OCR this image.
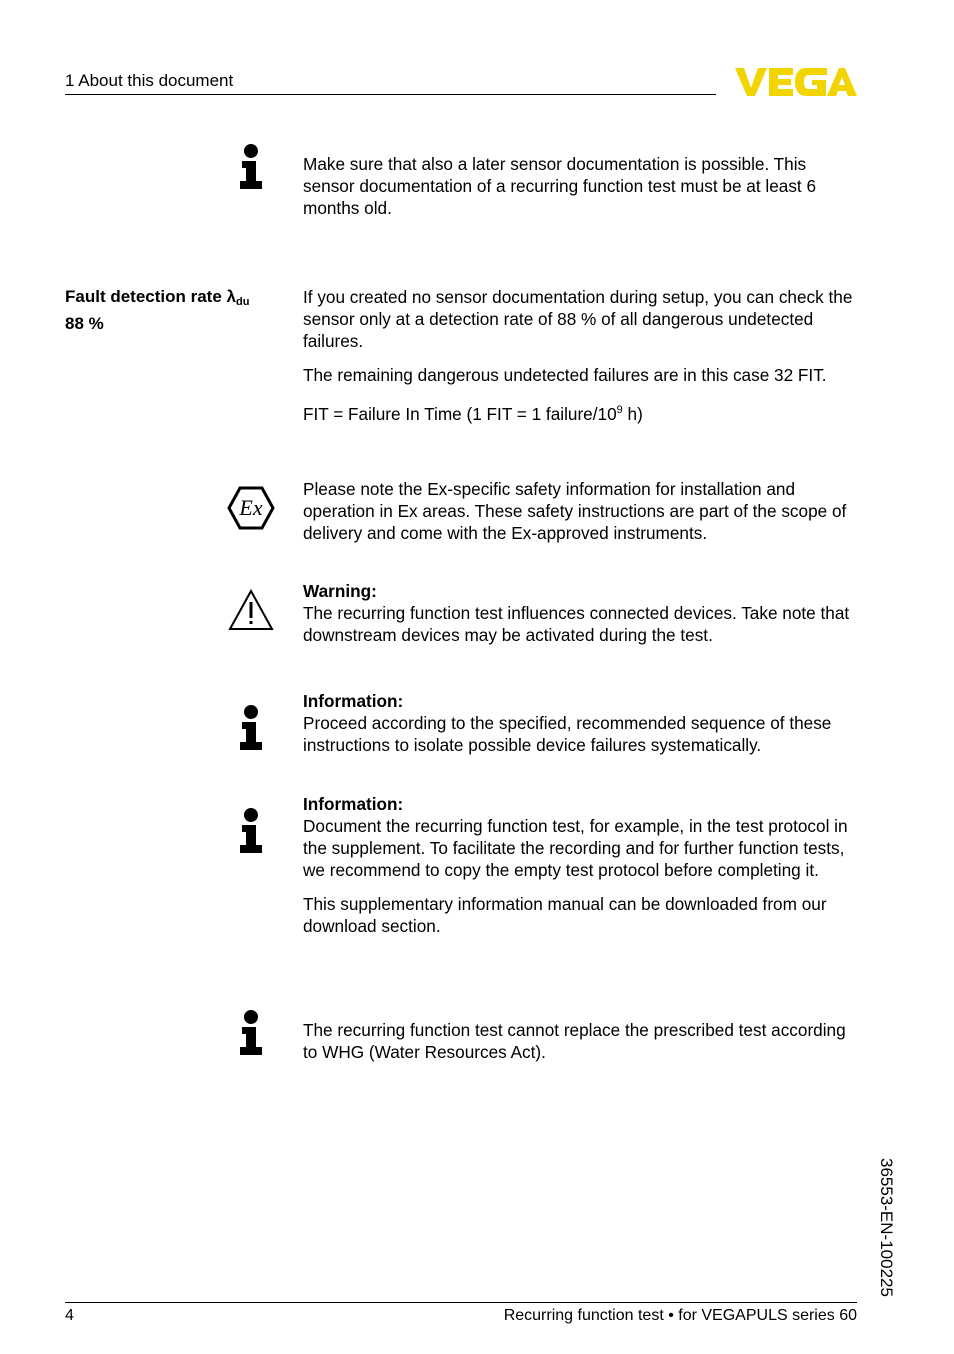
1 About this document

Make sure that also a later sensor documentation is possible. This sensor documentation of a recurring function test must be at least 6 months old.

Fault detection rate $\lambda_{du}$
88 %

If you created no sensor documentation during setup, you can check the sensor only at a detection rate of 88 % of all dangerous undetected failures.

The remaining dangerous undetected failures are in this case 32 FIT.

FIT = Failure In Time (1 FIT = 1 failure/$10^9$ h)

Ex

Please note the Ex-specific safety information for installation and operation in Ex areas. These safety instructions are part of the scope of delivery and come with the Ex-approved instruments.

Warning:

The recurring function test influences connected devices. Take note that downstream devices may be activated during the test.

Information:

Proceed according to the specified, recommended sequence of these instructions to isolate possible device failures systematically.

Information:

Document the recurring function test, for example, in the test protocol in the supplement. To facilitate the recording and for further function tests, we recommend to copy the empty test protocol before completing it.

This supplementary information manual can be downloaded from our download section.

The recurring function test cannot replace the prescribed test according to WHG (Water Resources Act).

36553-EN-100225
4	Recurring function test • for VEGAPULS series 60
